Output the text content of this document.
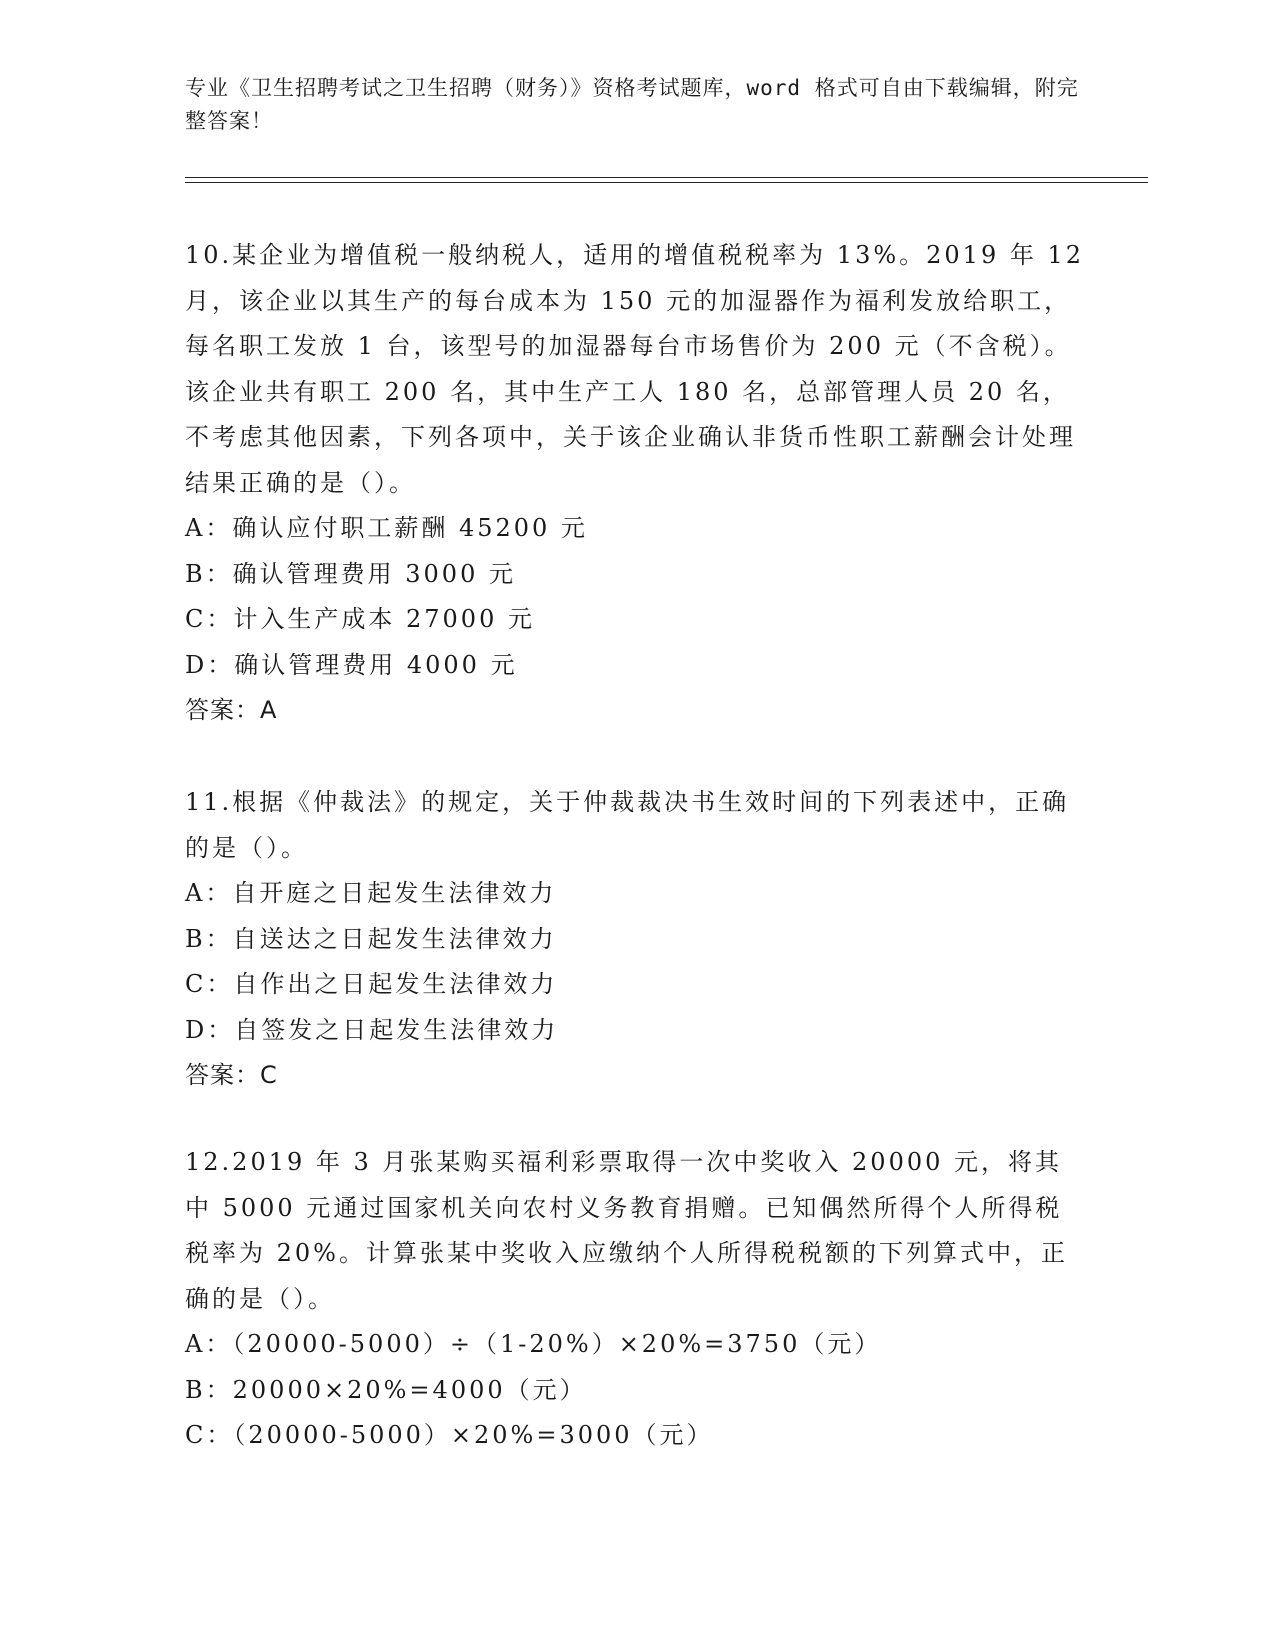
专业《卫生招聘考试之卫生招聘（财务）》资格考试题库，word 格式可自由下载编辑，附完整答案！

10.某企业为增值税一般纳税人，适用的增值税税率为 13%。2019 年 12 月，该企业以其生产的每台成本为 150 元的加湿器作为福利发放给职工，每名职工发放 1 台，该型号的加湿器每台市场售价为 200 元（不含税）。该企业共有职工 200 名，其中生产工人 180 名，总部管理人员 20 名，不考虑其他因素，下列各项中，关于该企业确认非货币性职工薪酬会计处理结果正确的是（）。

A：确认应付职工薪酬 45200 元

B：确认管理费用 3000 元

C：计入生产成本 27000 元

D：确认管理费用 4000 元

答案：A

11.根据《仲裁法》的规定，关于仲裁裁决书生效时间的下列表述中，正确的是（）。

A：自开庭之日起发生法律效力

B：自送达之日起发生法律效力

C：自作出之日起发生法律效力

D：自签发之日起发生法律效力

答案：C

12.2019 年 3 月张某购买福利彩票取得一次中奖收入 20000 元，将其中 5000 元通过国家机关向农村义务教育捐赠。已知偶然所得个人所得税税率为 20%。计算张某中奖收入应缴纳个人所得税税额的下列算式中，正确的是（）。

A：（20000-5000）÷（1-20%）×20%=3750（元）

B：20000×20%=4000（元）

C：（20000-5000）×20%=3000（元）
